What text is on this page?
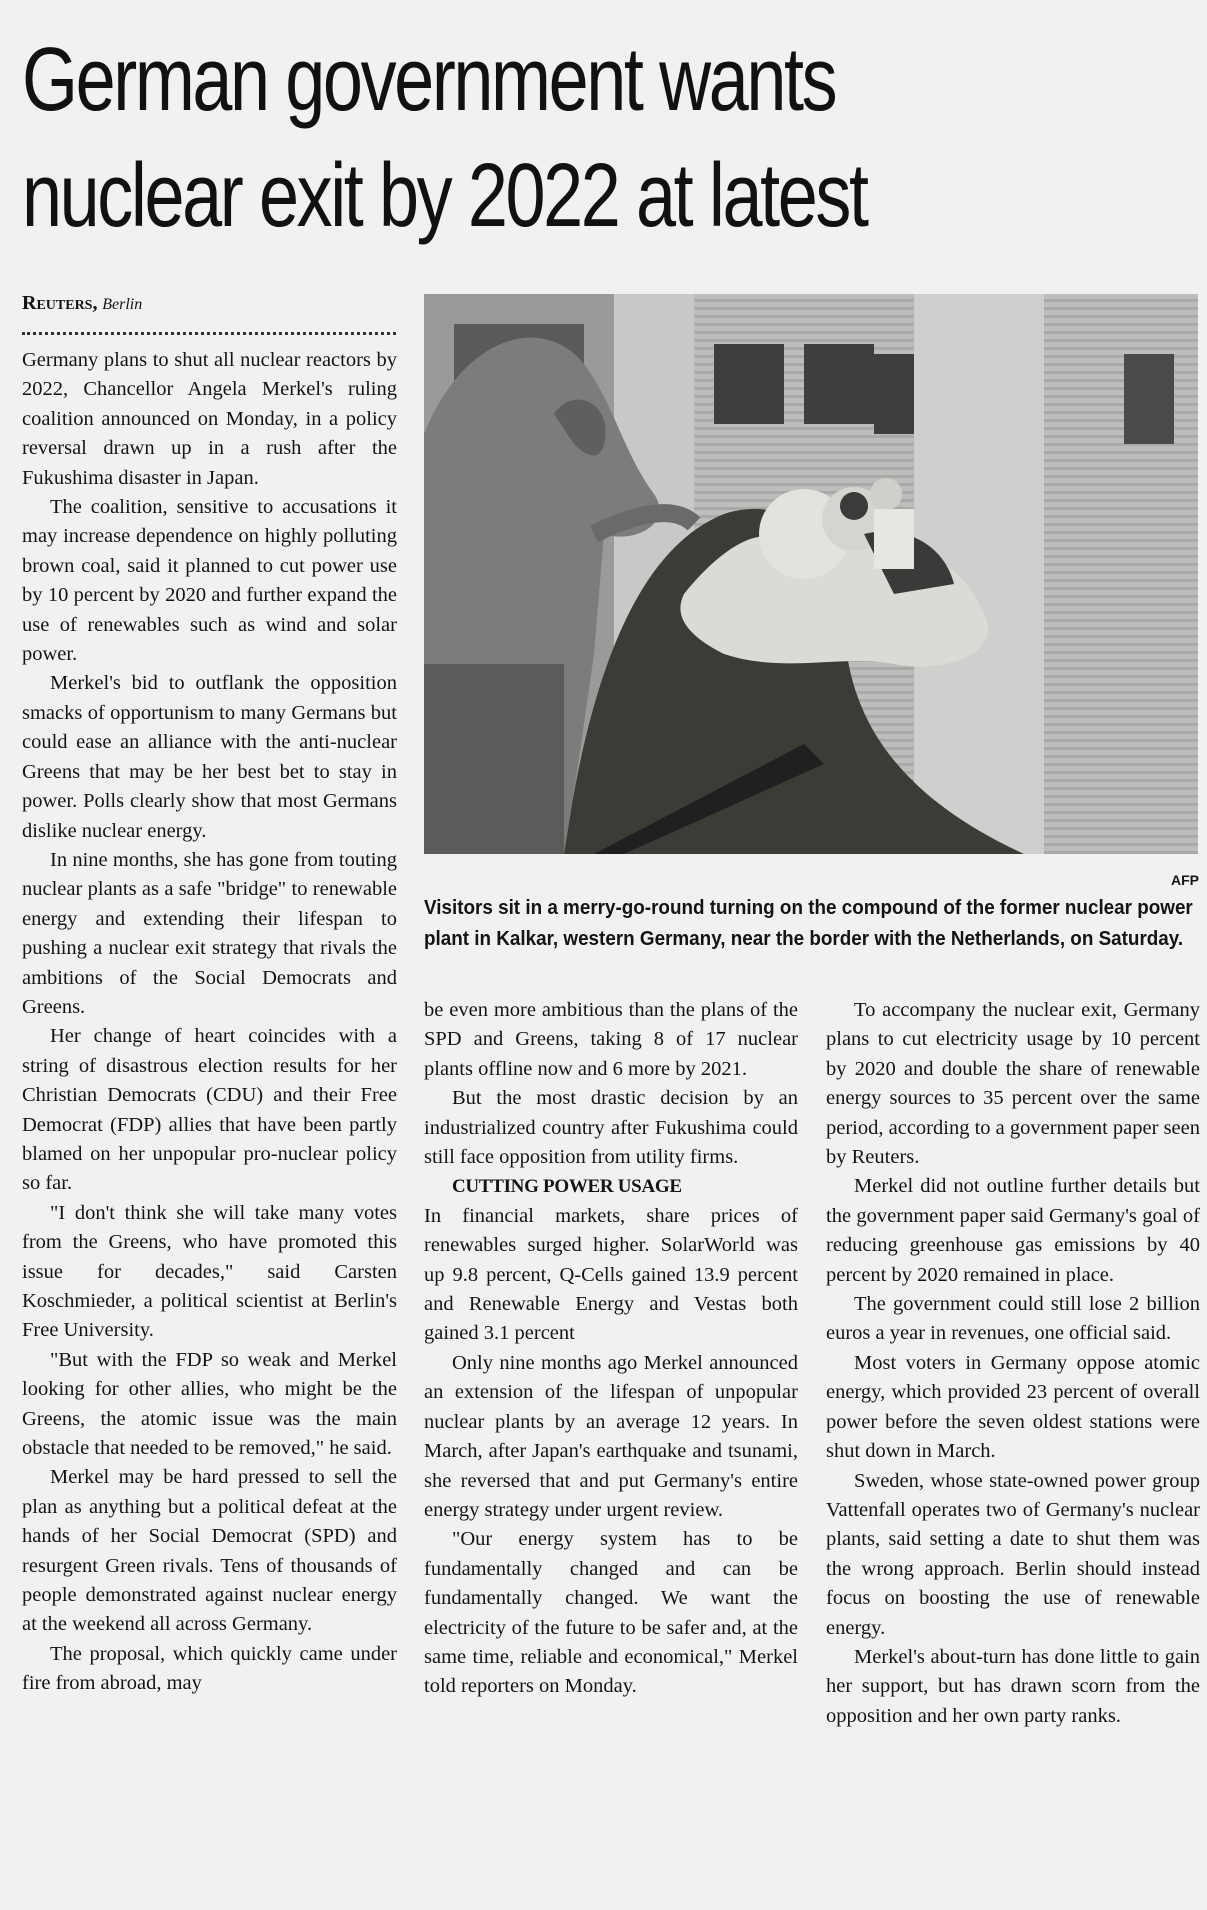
German government wants nuclear exit by 2022 at latest
Reuters, Berlin

Germany plans to shut all nuclear reactors by 2022, Chancellor Angela Merkel's ruling coalition announced on Monday, in a policy reversal drawn up in a rush after the Fukushima disaster in Japan.

The coalition, sensitive to accusations it may increase dependence on highly polluting brown coal, said it planned to cut power use by 10 percent by 2020 and further expand the use of renewables such as wind and solar power.

Merkel's bid to outflank the opposition smacks of opportunism to many Germans but could ease an alliance with the anti-nuclear Greens that may be her best bet to stay in power. Polls clearly show that most Germans dislike nuclear energy.

In nine months, she has gone from touting nuclear plants as a safe "bridge" to renewable energy and extending their lifespan to pushing a nuclear exit strategy that rivals the ambitions of the Social Democrats and Greens.

Her change of heart coincides with a string of disastrous election results for her Christian Democrats (CDU) and their Free Democrat (FDP) allies that have been partly blamed on her unpopular pro-nuclear policy so far.

"I don't think she will take many votes from the Greens, who have promoted this issue for decades," said Carsten Koschmieder, a political scientist at Berlin's Free University.

"But with the FDP so weak and Merkel looking for other allies, who might be the Greens, the atomic issue was the main obstacle that needed to be removed," he said.

Merkel may be hard pressed to sell the plan as anything but a political defeat at the hands of her Social Democrat (SPD) and resurgent Green rivals. Tens of thousands of people demonstrated against nuclear energy at the weekend all across Germany.

The proposal, which quickly came under fire from abroad, may

AFP
Visitors sit in a merry-go-round turning on the compound of the former nuclear power plant in Kalkar, western Germany, near the border with the Netherlands, on Saturday.

be even more ambitious than the plans of the SPD and Greens, taking 8 of 17 nuclear plants offline now and 6 more by 2021.

But the most drastic decision by an industrialized country after Fukushima could still face opposition from utility firms.

CUTTING POWER USAGE

In financial markets, share prices of renewables surged higher. SolarWorld was up 9.8 percent, Q-Cells gained 13.9 percent and Renewable Energy and Vestas both gained 3.1 percent

Only nine months ago Merkel announced an extension of the lifespan of unpopular nuclear plants by an average 12 years. In March, after Japan's earthquake and tsunami, she reversed that and put Germany's entire energy strategy under urgent review.

"Our energy system has to be fundamentally changed and can be fundamentally changed. We want the electricity of the future to be safer and, at the same time, reliable and economical," Merkel told reporters on Monday.

To accompany the nuclear exit, Germany plans to cut electricity usage by 10 percent by 2020 and double the share of renewable energy sources to 35 percent over the same period, according to a government paper seen by Reuters.

Merkel did not outline further details but the government paper said Germany's goal of reducing greenhouse gas emissions by 40 percent by 2020 remained in place.

The government could still lose 2 billion euros a year in revenues, one official said.

Most voters in Germany oppose atomic energy, which provided 23 percent of overall power before the seven oldest stations were shut down in March.

Sweden, whose state-owned power group Vattenfall operates two of Germany's nuclear plants, said setting a date to shut them was the wrong approach. Berlin should instead focus on boosting the use of renewable energy.

Merkel's about-turn has done little to gain her support, but has drawn scorn from the opposition and her own party ranks.
